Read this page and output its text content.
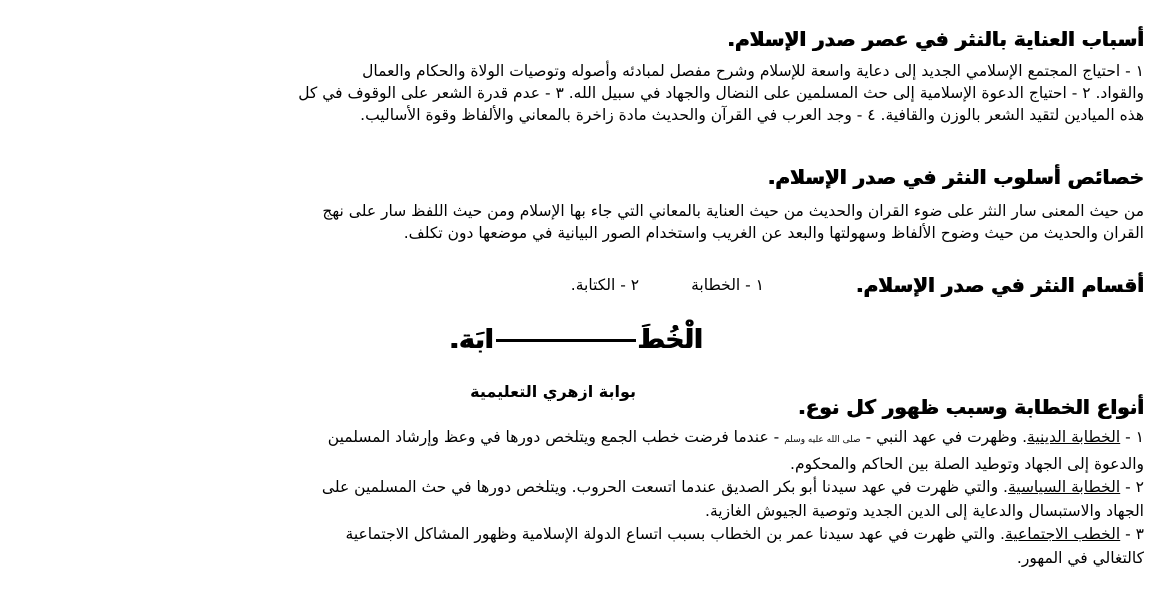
أسباب العناية بالنثر في عصر صدر الإسلام.
١ - احتياج المجتمع الإسلامي الجديد إلى دعاية واسعة للإسلام وشرح مفصل لمبادئه وأصوله وتوصيات الولاة والحكام والعمال
والقواد. ٢ - احتياج الدعوة الإسلامية إلى حث المسلمين على النضال والجهاد في سبيل الله. ٣ - عدم قدرة الشعر على الوقوف في كل
هذه الميادين لتقيد الشعر بالوزن والقافية. ٤ - وجد العرب في القرآن والحديث مادة زاخرة بالمعاني والألفاظ وقوة الأساليب.
خصائص أسلوب النثر في صدر الإسلام.
من حيث المعنى سار النثر على ضوء القران والحديث من حيث العناية بالمعاني التي جاء بها الإسلام ومن حيث اللفظ سار على نهج
القران والحديث من حيث وضوح الألفاظ وسهولتها والبعد عن الغريب واستخدام الصور البيانية في موضعها دون تكلف.
أقسام النثر في صدر الإسلام.
١ - الخطابة٢ - الكتابة.
الْخُطَابَة.
بوابة ازهري التعليمية
أنواع الخطابة وسبب ظهور كل نوع.
١ - الخطابة الدينية. وظهرت في عهد النبي - صلى الله عليه وسلم - عندما فرضت خطب الجمع ويتلخص دورها في وعظ وإرشاد المسلمين
والدعوة إلى الجهاد وتوطيد الصلة بين الحاكم والمحكوم.
٢ - الخطابة السياسية. والتي ظهرت في عهد سيدنا أبو بكر الصديق عندما اتسعت الحروب. ويتلخص دورها في حث المسلمين على
الجهاد والاستبسال والدعاية إلى الدين الجديد وتوصية الجيوش الغازية.
٣ - الخطب الاجتماعية. والتي ظهرت في عهد سيدنا عمر بن الخطاب بسبب اتساع الدولة الإسلامية وظهور المشاكل الاجتماعية
كالتغالي في المهور.
